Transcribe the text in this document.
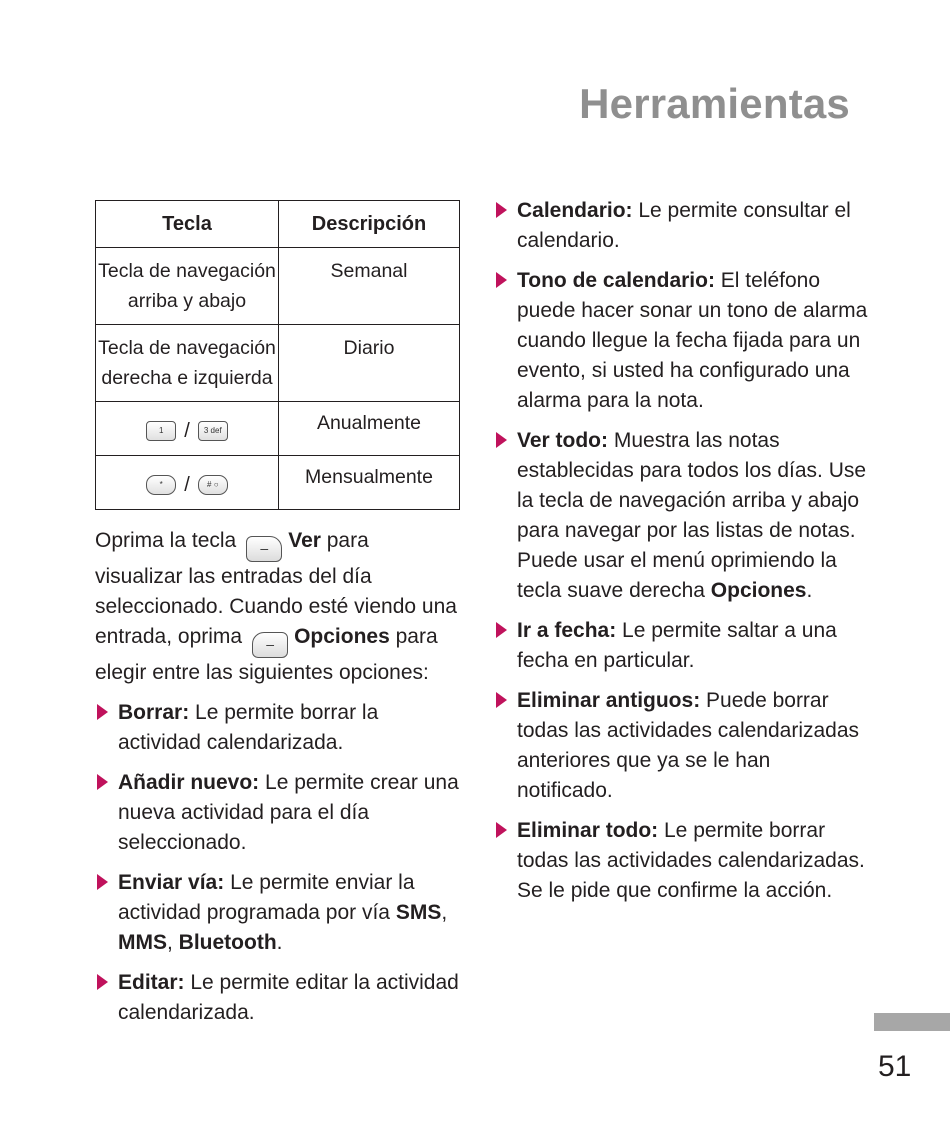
Herramientas
Tecla	Descripción
Tecla de navegación arriba y abajo	Semanal
Tecla de navegación derecha e izquierda	Diario

1 / 3 def	Anualmente

* / # ○	Mensualmente

Oprima la tecla – Ver para visualizar las entradas del día seleccionado. Cuando esté viendo una entrada, oprima – Opciones para elegir entre las siguientes opciones:

Borrar: Le permite borrar la actividad calendarizada.
Añadir nuevo: Le permite crear una nueva actividad para el día seleccionado.
Enviar vía: Le permite enviar la actividad programada por vía SMS, MMS, Bluetooth.
Editar: Le permite editar la actividad calendarizada.
Calendario: Le permite consultar el calendario.
Tono de calendario: El teléfono puede hacer sonar un tono de alarma cuando llegue la fecha fijada para un evento, si usted ha configurado una alarma para la nota.
Ver todo: Muestra las notas establecidas para todos los días. Use la tecla de navegación arriba y abajo para navegar por las listas de notas. Puede usar el menú oprimiendo la tecla suave derecha Opciones.
Ir a fecha: Le permite saltar a una fecha en particular.
Eliminar antiguos: Puede borrar todas las actividades calendarizadas anteriores que ya se le han notificado.
Eliminar todo: Le permite borrar todas las actividades calendarizadas. Se le pide que confirme la acción.
51
